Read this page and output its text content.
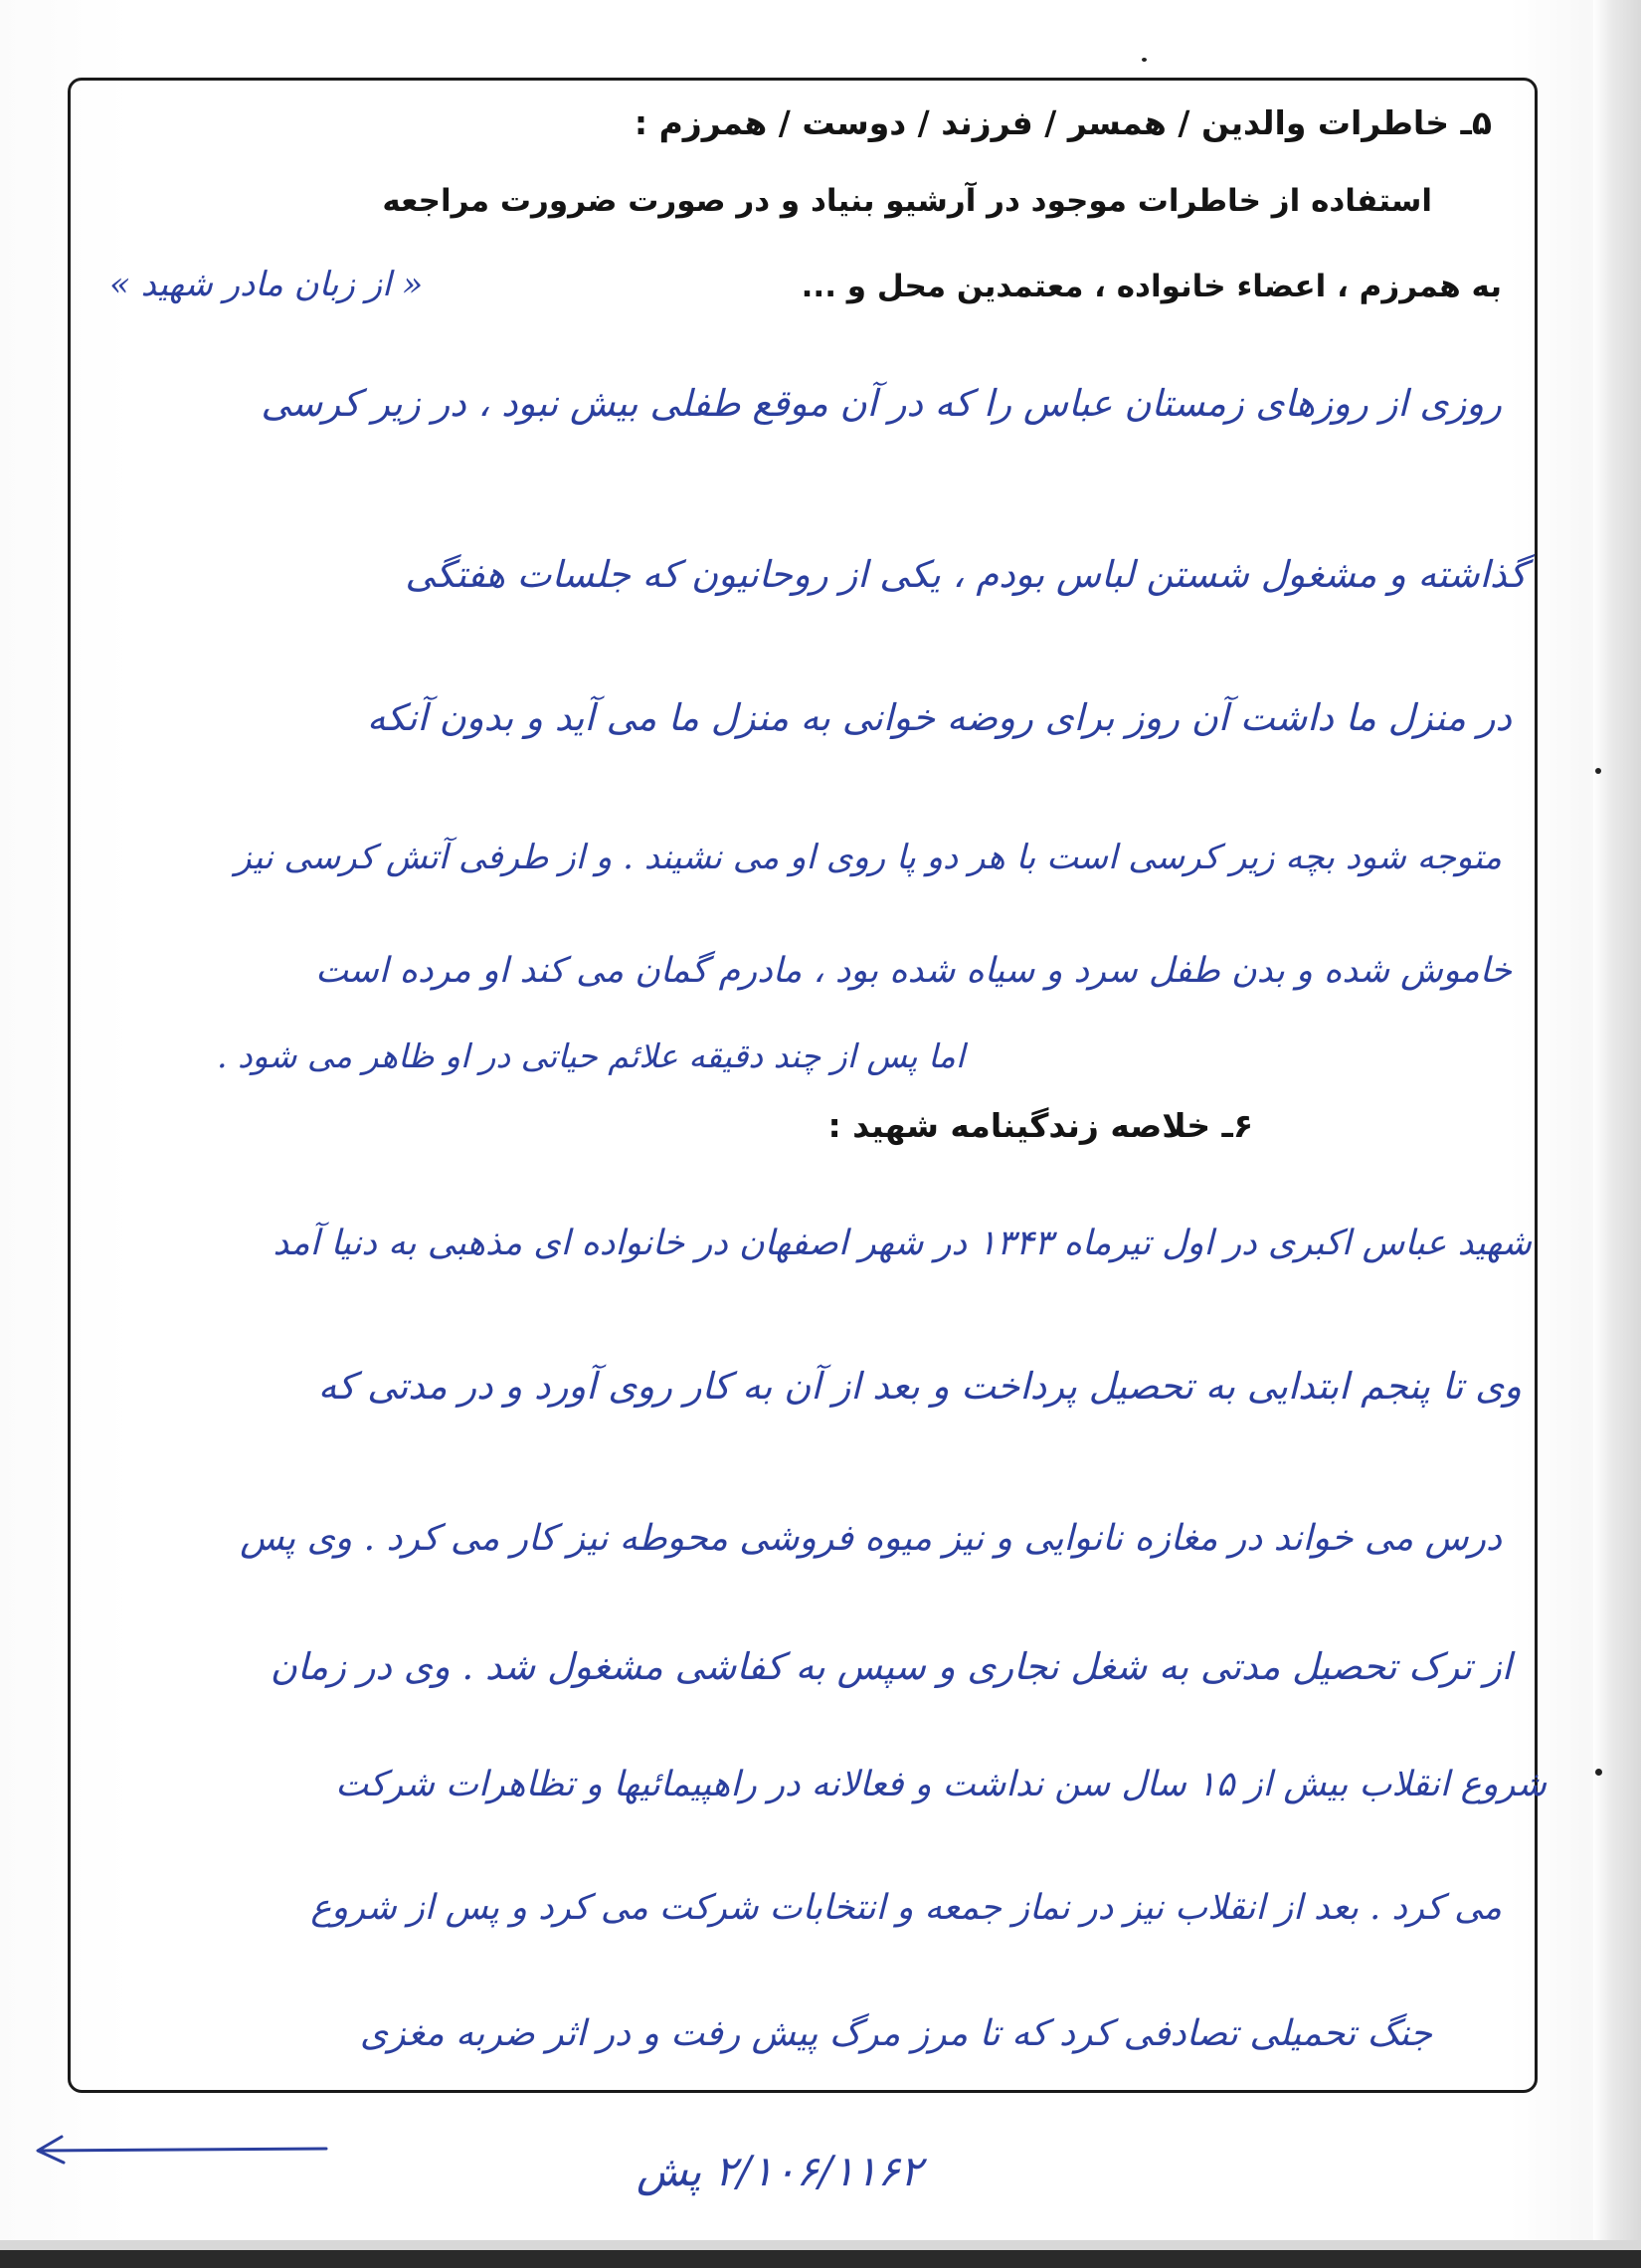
۵ـ خاطرات والدین / همسر / فرزند / دوست / همرزم :
استفاده از خاطرات موجود در آرشیو بنیاد و در صورت ضرورت مراجعه
به همرزم ، اعضاء خانواده ، معتمدین محل و ...
« از زبان مادر شهید »
روزی از روزهای زمستان عباس را که در آن موقع طفلی بیش نبود ، در زیر کرسی
گذاشته و مشغول شستن لباس بودم ، یکی از روحانیون که جلسات هفتگی
در منزل ما داشت آن روز برای روضه خوانی به منزل ما می آید و بدون آنکه
متوجه شود بچه زیر کرسی است با هر دو پا روی او می نشیند . و از طرفی آتش کرسی نیز
خاموش شده و بدن طفل سرد و سیاه شده بود ، مادرم گمان می کند او مرده است
اما پس از چند دقیقه علائم حیاتی در او ظاهر می شود .
۶ـ خلاصه زندگینامه شهید :
شهید عباس اکبری در اول تیرماه ۱۳۴۳ در شهر اصفهان در خانواده ای مذهبی به دنیا آمد
وی تا پنجم ابتدایی به تحصیل پرداخت و بعد از آن به کار روی آورد و در مدتی که
درس می خواند در مغازه نانوایی و نیز میوه فروشی محوطه نیز کار می کرد . وی پس
از ترک تحصیل مدتی به شغل نجاری و سپس به کفاشی مشغول شد . وی در زمان
شروع انقلاب بیش از ۱۵ سال سن نداشت و فعالانه در راهپیمائیها و تظاهرات شرکت
می کرد . بعد از انقلاب نیز در نماز جمعه و انتخابات شرکت می کرد و پس از شروع
جنگ تحمیلی تصادفی کرد که تا مرز مرگ پیش رفت و در اثر ضربه مغزی
۲/۱۰۶/۱۱۶۲ پش
